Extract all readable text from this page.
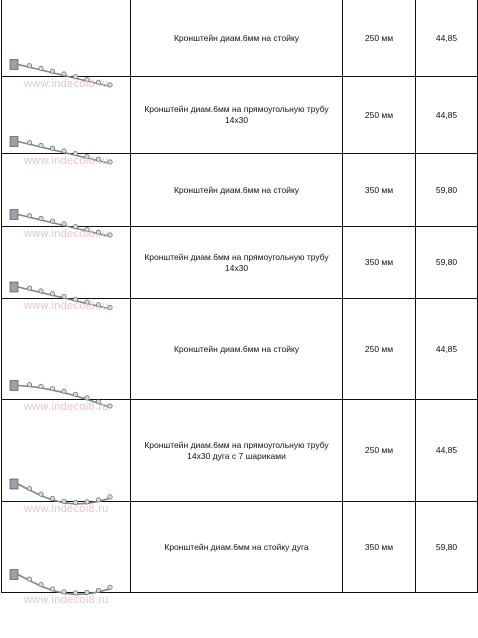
www.indecoi8.ru	Кронштейн диам.6мм на стойку	250 мм	44,85

www.indecoi8.ru	Кронштейн диам.6мм на прямоугольную трубу 14х30	250 мм	44,85

www.indecoi8.ru	Кронштейн диам.6мм на стойку	350 мм	59,80

www.indecoi8.ru	Кронштейн диам.6мм на прямоугольную трубу 14х30	350 мм	59,80

www.indecoi8.ru	Кронштейн диам.6мм на стойку	250 мм	44,85

www.indecoi8.ru	Кронштейн диам.6мм на прямоугольную трубу 14х30 дуга с 7 шариками	250 мм	44,85

www.indecoi8.ru	Кронштейн диам.6мм на стойку дуга	350 мм	59,80
